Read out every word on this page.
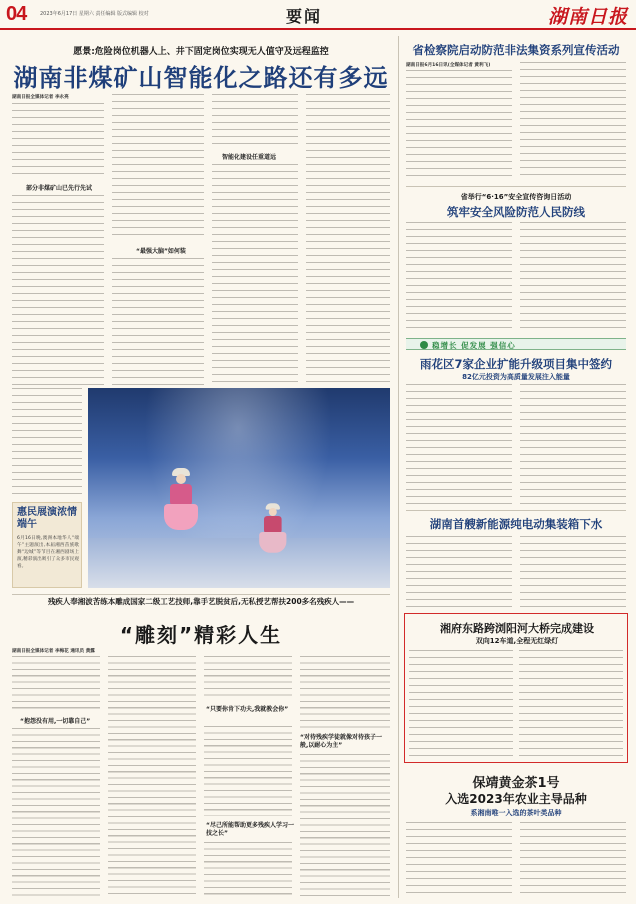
04	2023年6月17日 星期六 责任编辑 版式编辑 校对	要闻	湖南日报
愿景:危险岗位机器人上、井下固定岗位实现无人值守及远程监控
湖南非煤矿山智能化之路还有多远
湖南日报全媒体记者 李永亮
部分非煤矿山已先行先试
“最强大脑”如何装
智能化建设任重道远
惠民展演浓情端午
6月16日晚,澳洲本地华人“端午”主题演出,本届湘西苗族歌舞“边城”等节目在湘西剧场上演,精彩演出吸引了众多市民观看。
残疾人奉湘波苦练本雕成国家二级工艺技师,靠手艺脱贫后,无私授艺帮扶200多名残疾人——
“雕刻”精彩人生
湖南日报全媒体记者 李梅花 通讯员 黄露
“抱怨没有用,一切靠自己”
“只要你肯下功夫,我就教会你”
“尽己所能帮助更多残疾人学习一技之长”
“对待残疾学徒就像对待孩子一般,以耐心为主”
省检察院启动防范非法集资系列宣传活动
湖南日报6月16日讯(全媒体记者 黄利飞)
省举行“6·16”安全宣传咨询日活动
筑牢安全风险防范人民防线
稳增长 促发展 强信心
雨花区7家企业扩能升级项目集中签约
82亿元投资为高质量发展注入能量
湖南首艘新能源纯电动集装箱下水
湘府东路跨浏阳河大桥完成建设
双向12车道,全程无红绿灯
保靖黄金茶1号
入选2023年农业主导品种
系湘南唯一入选的茶叶类品种
